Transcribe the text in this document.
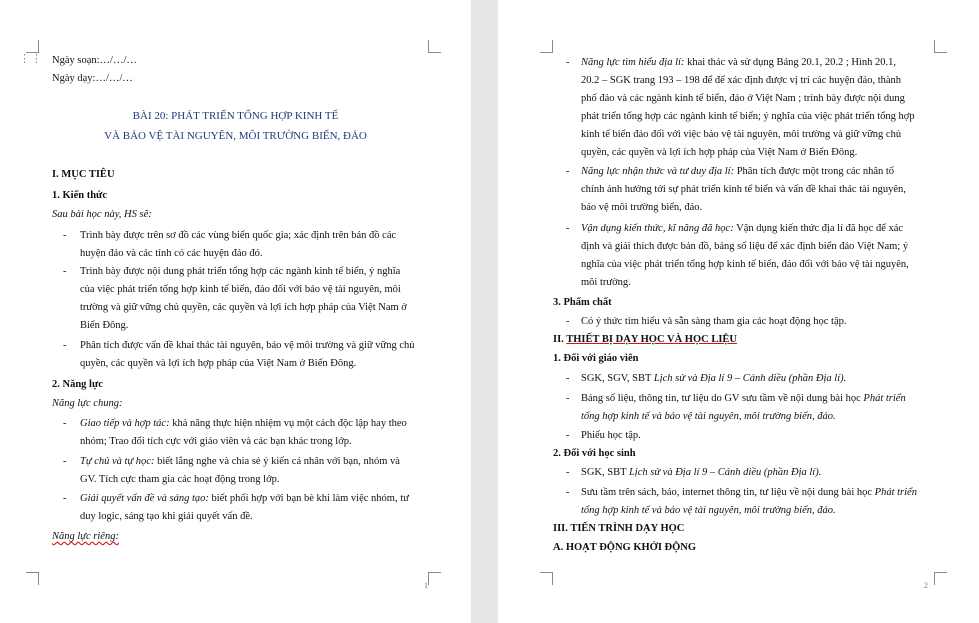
⋮⋮
1
Ngày soạn:…/…/…
Ngày dạy:…/…/…
BÀI 20: PHÁT TRIỂN TỔNG HỢP KINH TẾ
VÀ BẢO VỆ TÀI NGUYÊN, MÔI TRƯỜNG BIỂN, ĐẢO
I. MỤC TIÊU
1. Kiến thức
Sau bài học này, HS sẽ:
- Trình bày được trên sơ đồ các vùng biển quốc gia; xác định trên bản đồ các
huyện đảo và các tỉnh có các huyện đảo đó.
- Trình bày được nội dung phát triển tổng hợp các ngành kinh tế biển, ý nghĩa
của việc phát triển tổng hợp kinh tế biển, đảo đối với bảo vệ tài nguyên, môi
trường và giữ vững chủ quyền, các quyền và lợi ích hợp pháp của Việt Nam ở
Biển Đông.
- Phân tích được vấn đề khai thác tài nguyên, bảo vệ môi trường và giữ vững chủ
quyền, các quyền và lợi ích hợp pháp của Việt Nam ở Biển Đông.
2. Năng lực
Năng lực chung:
- Giao tiếp và hợp tác: khả năng thực hiện nhiệm vụ một cách độc lập hay theo
nhóm; Trao đổi tích cực với giáo viên và các bạn khác trong lớp.
- Tự chủ và tự học: biết lắng nghe và chia sẻ ý kiến cá nhân với bạn, nhóm và
GV. Tích cực tham gia các hoạt động trong lớp.
- Giải quyết vấn đề và sáng tạo: biết phối hợp với bạn bè khi làm việc nhóm, tư
duy logic, sáng tạo khi giải quyết vấn đề.
Năng lực riêng:
2
- Năng lực tìm hiểu địa lí: khai thác và sử dụng Bảng 20.1, 20.2 ; Hình 20.1,
20.2 – SGK trang 193 – 198 để để xác định được vị trí các huyện đảo, thành
phố đảo và các ngành kinh tế biển, đảo ở Việt Nam ; trình bày được nội dung
phát triển tổng hợp các ngành kinh tế biển; ý nghĩa của việc phát triển tổng hợp
kinh tế biển đảo đối với việc bảo vệ tài nguyên, môi trường và giữ vững chủ
quyền, các quyền và lợi ích hợp pháp của Việt Nam ở Biển Đông.
- Năng lực nhận thức và tư duy địa lí: Phân tích được một trong các nhân tố
chính ảnh hưởng tới sự phát triển kinh tế biển và vấn đề khai thác tài nguyên,
bảo vệ môi trường biển, đảo.
- Vận dụng kiến thức, kĩ năng đã học: Vận dụng kiến thức địa lí đã học để xác
định và giải thích được bản đồ, bảng số liệu để xác định biển đảo Việt Nam; ý
nghĩa của việc phát triển tổng hợp kinh tế biển, đảo đối với bảo vệ tài nguyên,
môi trường.
3. Phẩm chất
- Có ý thức tìm hiểu và sẵn sàng tham gia các hoạt động học tập.
II. THIẾT BỊ DẠY HỌC VÀ HỌC LIỆU
1. Đối với giáo viên
- SGK, SGV, SBT Lịch sử và Địa lí 9 – Cánh diều (phần Địa lí).
- Bảng số liệu, thông tin, tư liệu do GV sưu tầm về nội dung bài học Phát triển
tổng hợp kinh tế và bảo vệ tài nguyên, môi trường biển, đảo.
- Phiếu học tập.
2. Đối với học sinh
- SGK, SBT Lịch sử và Địa lí 9 – Cánh diều (phần Địa lí).
- Sưu tầm trên sách, báo, internet thông tin, tư liệu về nội dung bài học Phát triển
tổng hợp kinh tế và bảo vệ tài nguyên, môi trường biển, đảo.
III. TIẾN TRÌNH DẠY HỌC
A. HOẠT ĐỘNG KHỞI ĐỘNG
